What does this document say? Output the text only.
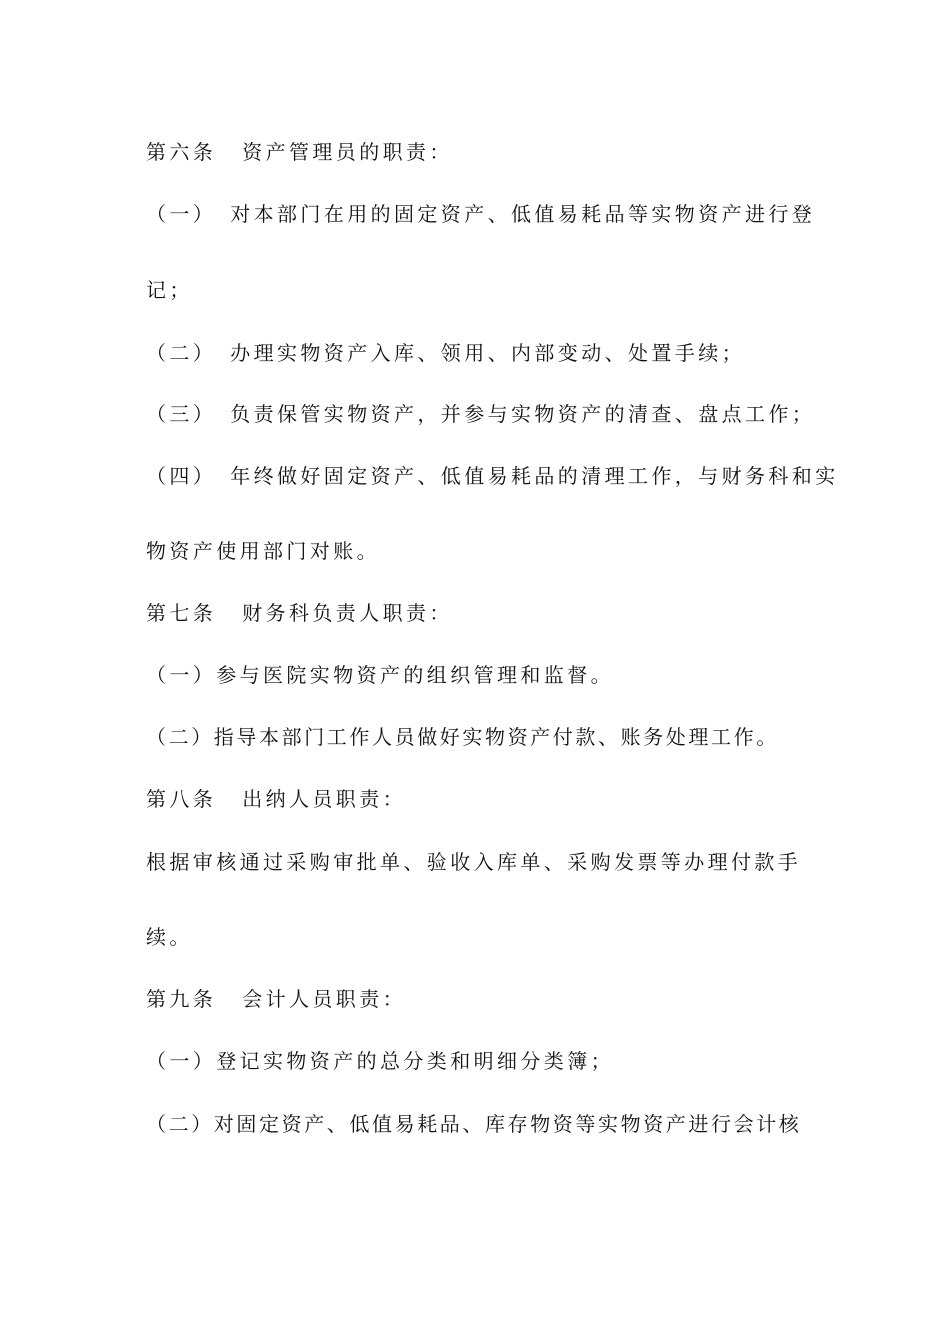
第六条 资产管理员的职责：
（一） 对本部门在用的固定资产、低值易耗品等实物资产进行登
记；
（二） 办理实物资产入库、领用、内部变动、处置手续；
（三） 负责保管实物资产，并参与实物资产的清查、盘点工作；
（四） 年终做好固定资产、低值易耗品的清理工作，与财务科和实
物资产使用部门对账。
第七条 财务科负责人职责：
（一）参与医院实物资产的组织管理和监督。
（二）指导本部门工作人员做好实物资产付款、账务处理工作。
第八条 出纳人员职责：
根据审核通过采购审批单、验收入库单、采购发票等办理付款手
续。
第九条 会计人员职责：
（一）登记实物资产的总分类和明细分类簿；
（二）对固定资产、低值易耗品、库存物资等实物资产进行会计核
